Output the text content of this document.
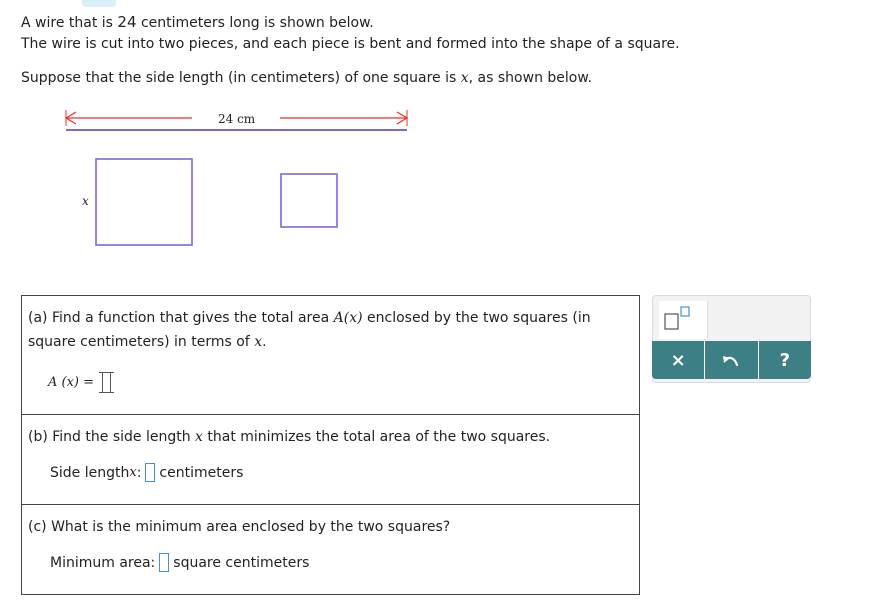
A wire that is 24 centimeters long is shown below.
The wire is cut into two pieces, and each piece is bent and formed into the shape of a square.
Suppose that the side length (in centimeters) of one square is x, as shown below.
24 cm
x
(a) Find a function that gives the total area A(x) enclosed by the two squares (in square centimeters) in terms of x.
A (x) =
(b) Find the side length x that minimizes the total area of the two squares.
Side length x : centimeters
(c) What is the minimum area enclosed by the two squares?
Minimum area: square centimeters
×	?
